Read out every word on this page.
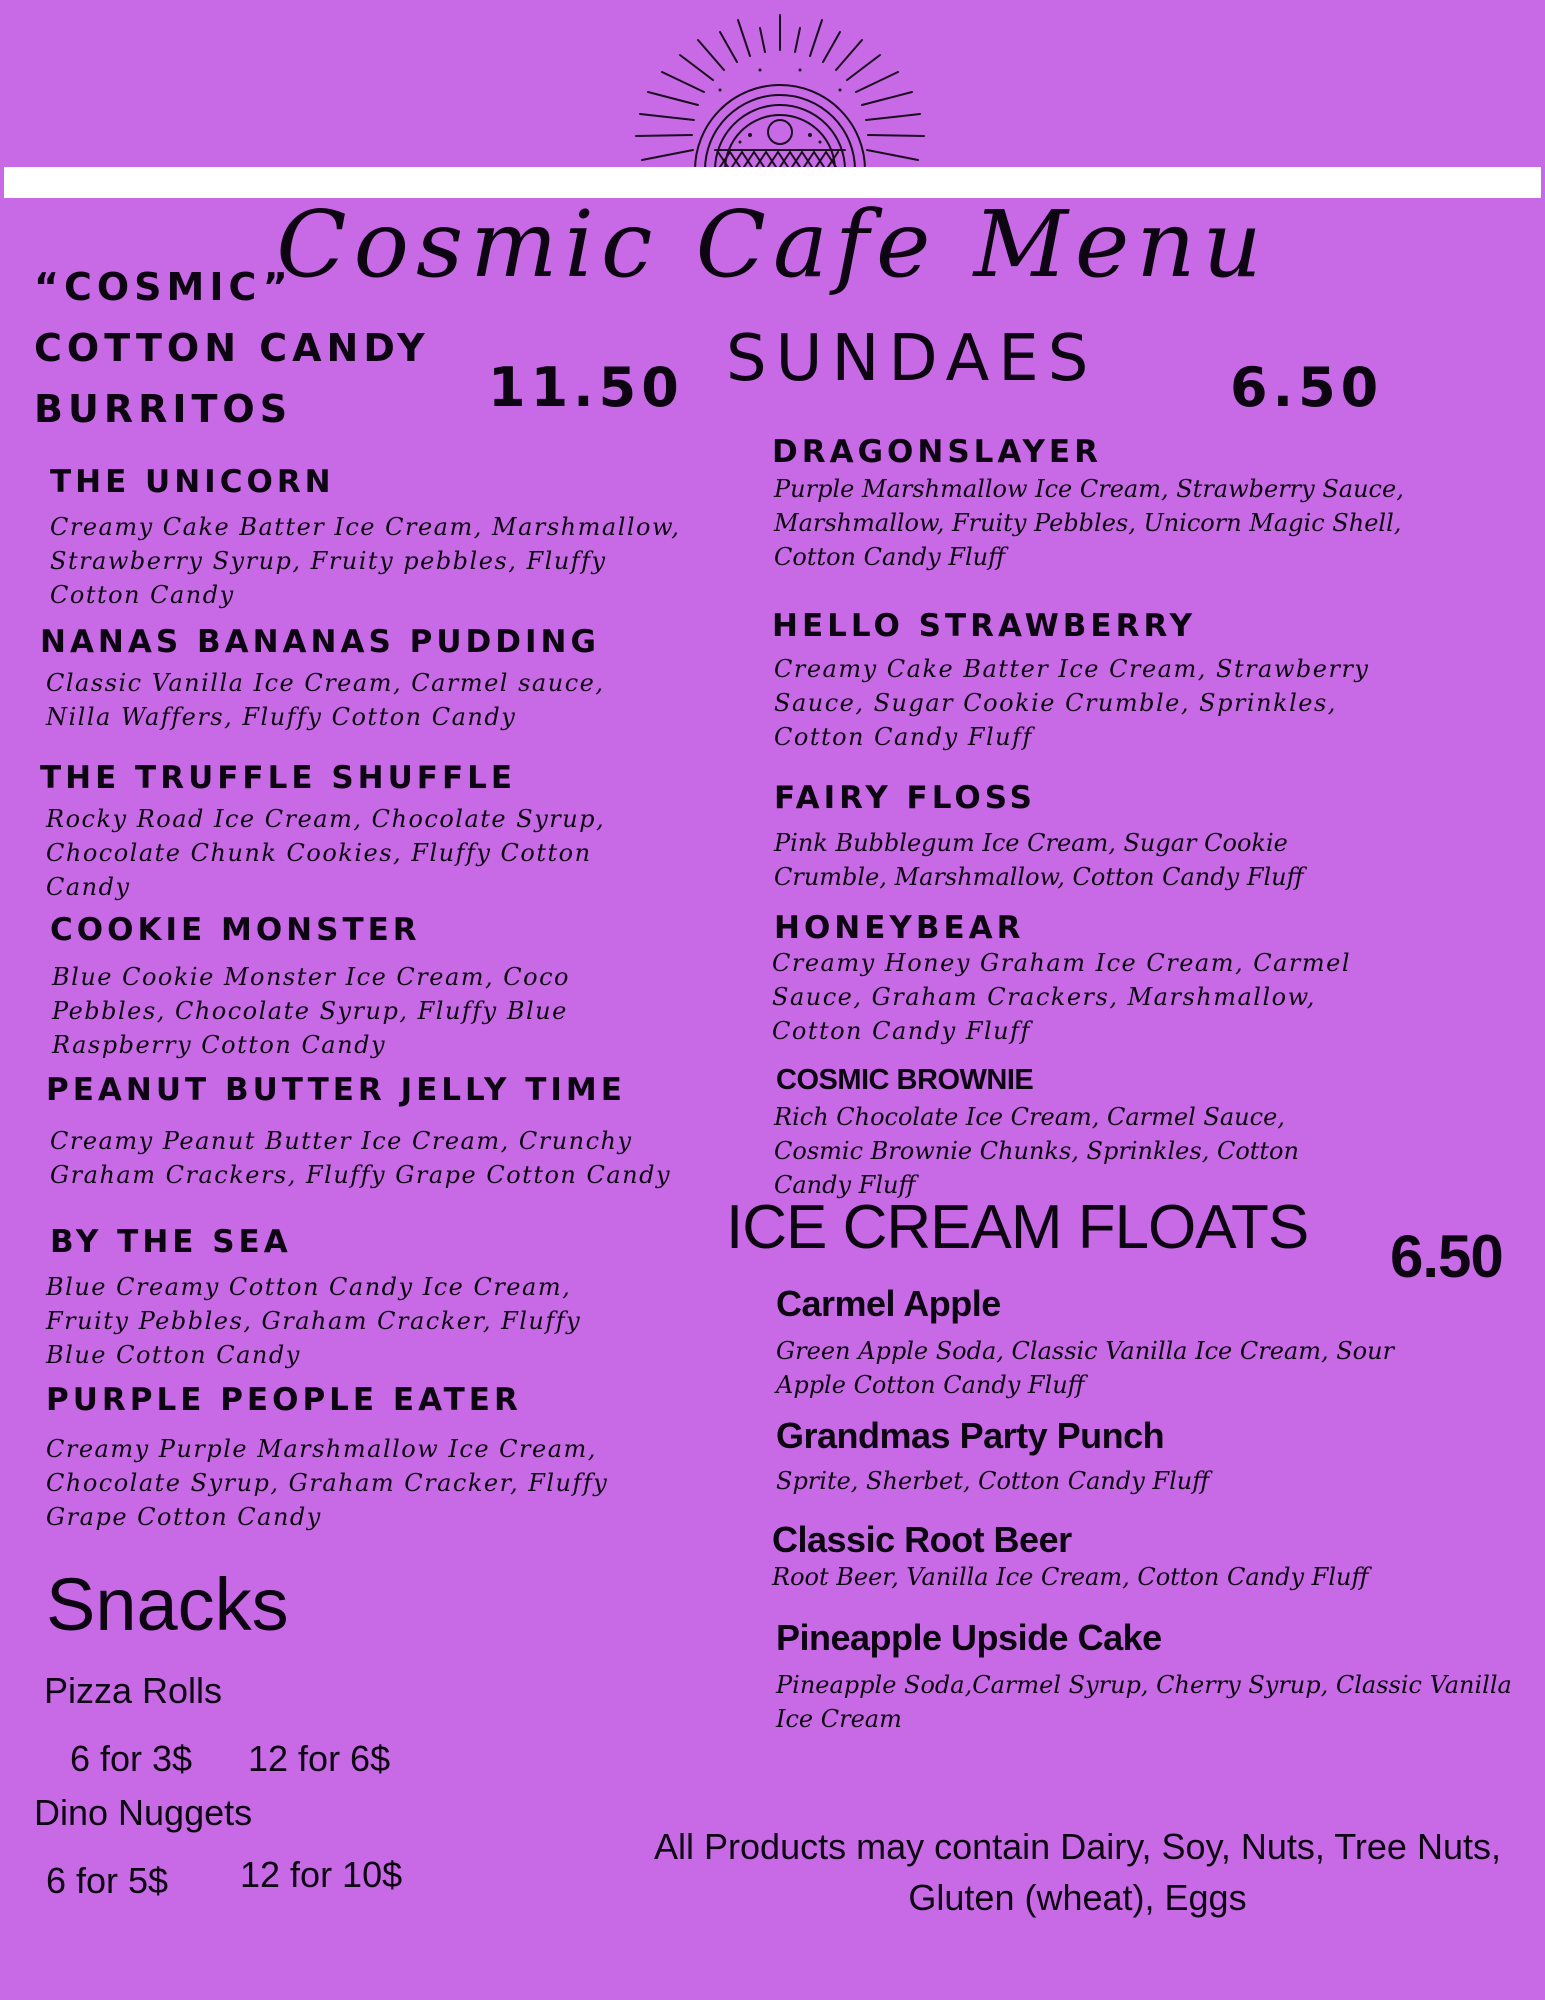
Cosmic Cafe Menu
“COSMIC”
COTTON CANDY
BURRITOS	11.50
THE UNICORN
Creamy Cake Batter Ice Cream, Marshmallow, Strawberry Syrup, Fruity pebbles, Fluffy Cotton Candy
NANAS BANANAS PUDDING
Classic Vanilla Ice Cream, Carmel sauce, Nilla Waffers, Fluffy Cotton Candy
THE TRUFFLE SHUFFLE
Rocky Road Ice Cream, Chocolate Syrup, Chocolate Chunk Cookies, Fluffy Cotton Candy
COOKIE MONSTER
Blue Cookie Monster Ice Cream, Coco Pebbles, Chocolate Syrup, Fluffy Blue Raspberry Cotton Candy
PEANUT BUTTER JELLY TIME
Creamy Peanut Butter Ice Cream, Crunchy Graham Crackers, Fluffy Grape Cotton Candy
BY THE SEA
Blue Creamy Cotton Candy Ice Cream, Fruity Pebbles, Graham Cracker, Fluffy Blue Cotton Candy
PURPLE PEOPLE EATER
Creamy Purple Marshmallow Ice Cream, Chocolate Syrup, Graham Cracker, Fluffy Grape Cotton Candy
Snacks
Pizza Rolls
6 for 3$ 12 for 6$
Dino Nuggets
6 for 5$ 12 for 10$
SUNDAES 6.50
DRAGONSLAYER
Purple Marshmallow Ice Cream, Strawberry Sauce, Marshmallow, Fruity Pebbles, Unicorn Magic Shell, Cotton Candy Fluff
HELLO STRAWBERRY
Creamy Cake Batter Ice Cream, Strawberry Sauce, Sugar Cookie Crumble, Sprinkles, Cotton Candy Fluff
FAIRY FLOSS
Pink Bubblegum Ice Cream, Sugar Cookie Crumble, Marshmallow, Cotton Candy Fluff
HONEYBEAR
Creamy Honey Graham Ice Cream, Carmel Sauce, Graham Crackers, Marshmallow, Cotton Candy Fluff
COSMIC BROWNIE
Rich Chocolate Ice Cream, Carmel Sauce, Cosmic Brownie Chunks, Sprinkles, Cotton Candy Fluff
ICE CREAM FLOATS 6.50
Carmel Apple
Green Apple Soda, Classic Vanilla Ice Cream, Sour Apple Cotton Candy Fluff
Grandmas Party Punch
Sprite, Sherbet, Cotton Candy Fluff
Classic Root Beer
Root Beer, Vanilla Ice Cream, Cotton Candy Fluff
Pineapple Upside Cake
Pineapple Soda,Carmel Syrup, Cherry Syrup, Classic Vanilla Ice Cream
All Products may contain Dairy, Soy, Nuts, Tree Nuts,
Gluten (wheat), Eggs
